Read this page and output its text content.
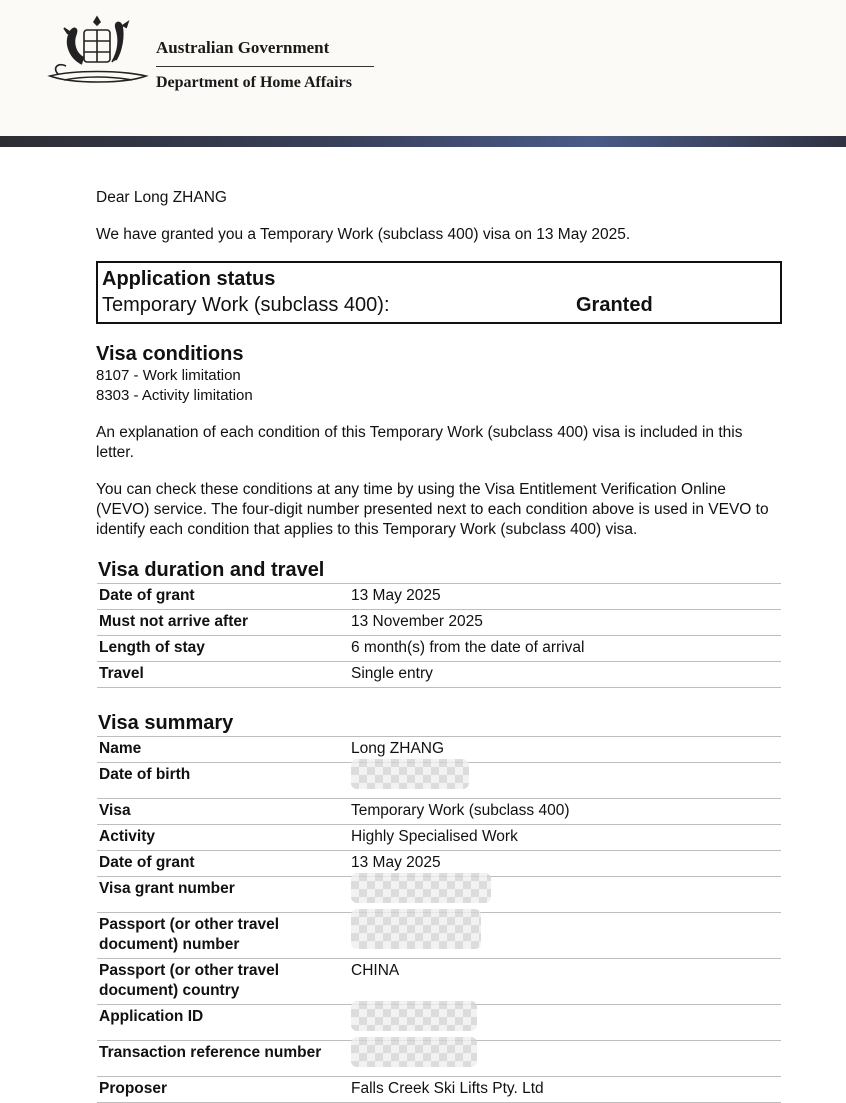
Australian Government
Department of Home Affairs
Dear Long ZHANG
We have granted you a Temporary Work (subclass 400) visa on 13 May 2025.
Application status
Temporary Work (subclass 400):	Granted
Visa conditions
8107 - Work limitation
8303 - Activity limitation
An explanation of each condition of this Temporary Work (subclass 400) visa is included in this letter.
You can check these conditions at any time by using the Visa Entitlement Verification Online (VEVO) service. The four-digit number presented next to each condition above is used in VEVO to identify each condition that applies to this Temporary Work (subclass 400) visa.
Visa duration and travel
Date of grant	13 May 2025
Must not arrive after	13 November 2025
Length of stay	6 month(s) from the date of arrival
Travel	Single entry
Visa summary
Name	Long ZHANG
Date of birth	
Visa	Temporary Work (subclass 400)
Activity	Highly Specialised Work
Date of grant	13 May 2025
Visa grant number	
Passport (or other travel document) number	
Passport (or other travel document) country	CHINA
Application ID	
Transaction reference number	
Proposer	Falls Creek Ski Lifts Pty. Ltd
